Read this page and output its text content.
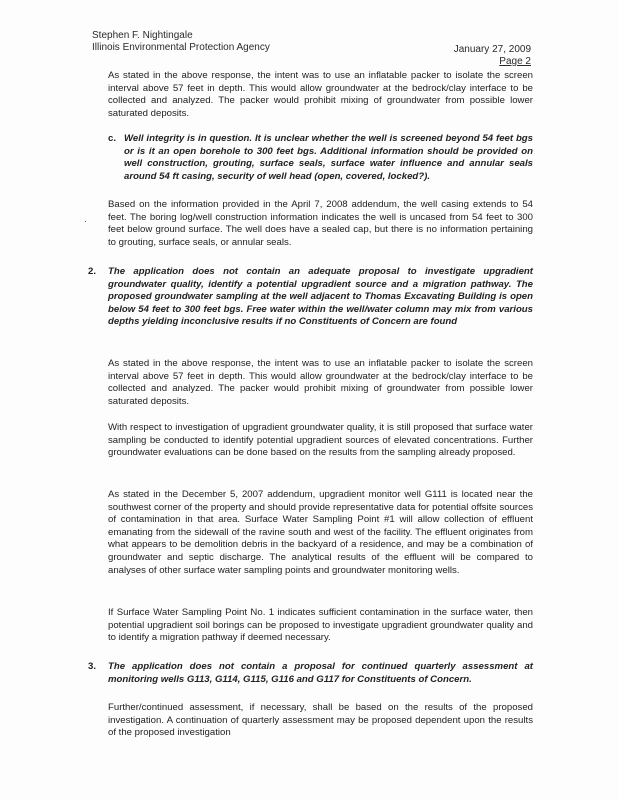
Stephen F. Nightingale
Illinois Environmental Protection Agency	January 27, 2009
Page 2
As stated in the above response, the intent was to use an inflatable packer to isolate the screen interval above 57 feet in depth. This would allow groundwater at the bedrock/clay interface to be collected and analyzed. The packer would prohibit mixing of groundwater from possible lower saturated deposits.
c. Well integrity is in question. It is unclear whether the well is screened beyond 54 feet bgs or is it an open borehole to 300 feet bgs. Additional information should be provided on well construction, grouting, surface seals, surface water influence and annular seals around 54 ft casing, security of well head (open, covered, locked?).
Based on the information provided in the April 7, 2008 addendum, the well casing extends to 54 feet. The boring log/well construction information indicates the well is uncased from 54 feet to 300 feet below ground surface. The well does have a sealed cap, but there is no information pertaining to grouting, surface seals, or annular seals.
·
2. The application does not contain an adequate proposal to investigate upgradient groundwater quality, identify a potential upgradient source and a migration pathway. The proposed groundwater sampling at the well adjacent to Thomas Excavating Building is open below 54 feet to 300 feet bgs. Free water within the well/water column may mix from various depths yielding inconclusive results if no Constituents of Concern are found
As stated in the above response, the intent was to use an inflatable packer to isolate the screen interval above 57 feet in depth. This would allow groundwater at the bedrock/clay interface to be collected and analyzed. The packer would prohibit mixing of groundwater from possible lower saturated deposits.
With respect to investigation of upgradient groundwater quality, it is still proposed that surface water sampling be conducted to identify potential upgradient sources of elevated concentrations. Further groundwater evaluations can be done based on the results from the sampling already proposed.
As stated in the December 5, 2007 addendum, upgradient monitor well G111 is located near the southwest corner of the property and should provide representative data for potential offsite sources of contamination in that area. Surface Water Sampling Point #1 will allow collection of effluent emanating from the sidewall of the ravine south and west of the facility. The effluent originates from what appears to be demolition debris in the backyard of a residence, and may be a combination of groundwater and septic discharge. The analytical results of the effluent will be compared to analyses of other surface water sampling points and groundwater monitoring wells.
If Surface Water Sampling Point No. 1 indicates sufficient contamination in the surface water, then potential upgradient soil borings can be proposed to investigate upgradient groundwater quality and to identify a migration pathway if deemed necessary.
3. The application does not contain a proposal for continued quarterly assessment at monitoring wells G113, G114, G115, G116 and G117 for Constituents of Concern.
Further/continued assessment, if necessary, shall be based on the results of the proposed investigation. A continuation of quarterly assessment may be proposed dependent upon the results of the proposed investigation
